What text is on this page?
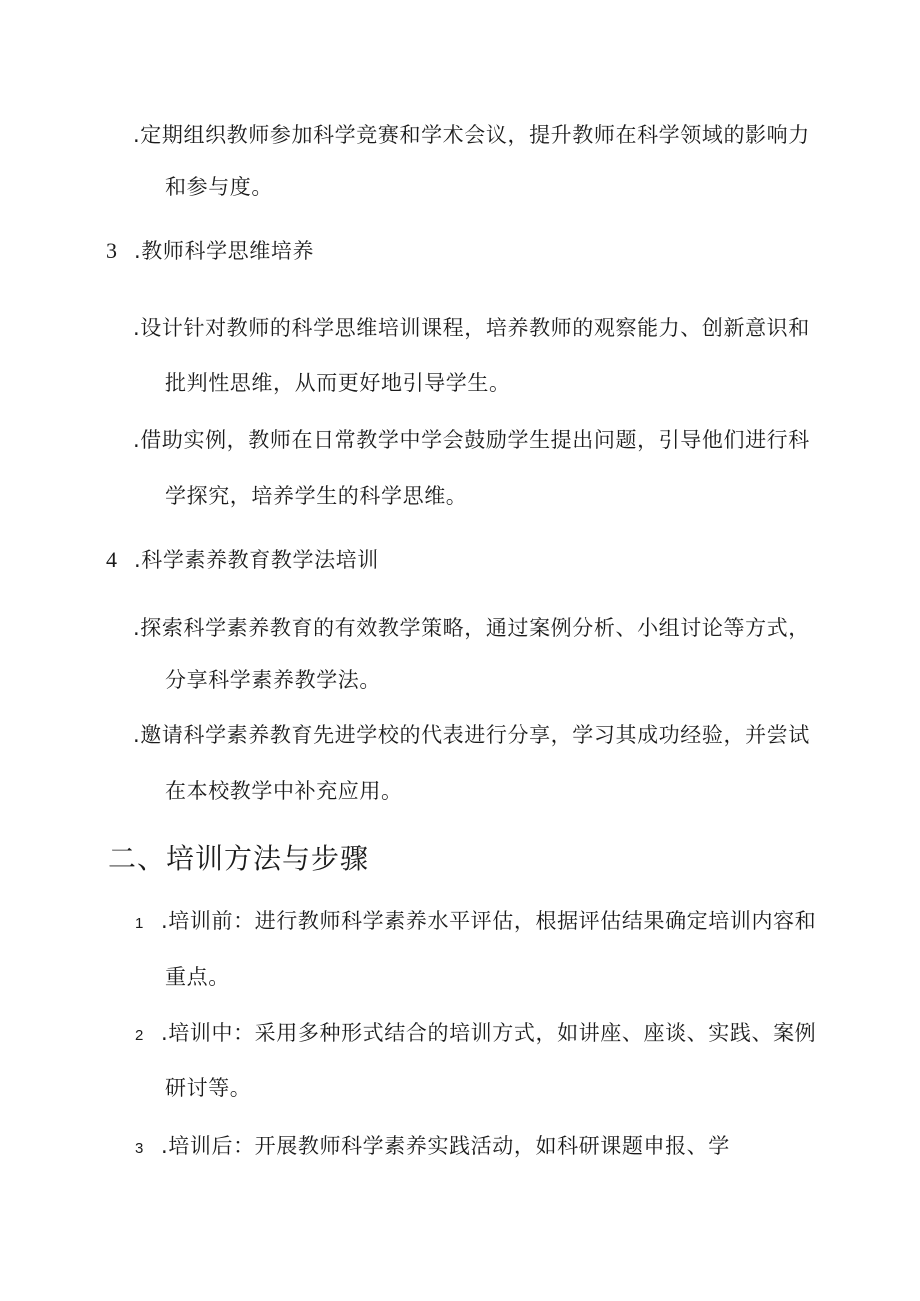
.定期组织教师参加科学竞赛和学术会议，提升教师在科学领域的影响力
和参与度。
3 .教师科学思维培养
.设计针对教师的科学思维培训课程，培养教师的观察能力、创新意识和
批判性思维，从而更好地引导学生。
.借助实例，教师在日常教学中学会鼓励学生提出问题，引导他们进行科
学探究，培养学生的科学思维。
4 .科学素养教育教学法培训
.探索科学素养教育的有效教学策略，通过案例分析、小组讨论等方式，
分享科学素养教学法。
.邀请科学素养教育先进学校的代表进行分享，学习其成功经验，并尝试
在本校教学中补充应用。
二、培训方法与步骤
1 .培训前：进行教师科学素养水平评估，根据评估结果确定培训内容和
重点。
2 .培训中：采用多种形式结合的培训方式，如讲座、座谈、实践、案例
研讨等。
3 .培训后：开展教师科学素养实践活动，如科研课题申报、学
